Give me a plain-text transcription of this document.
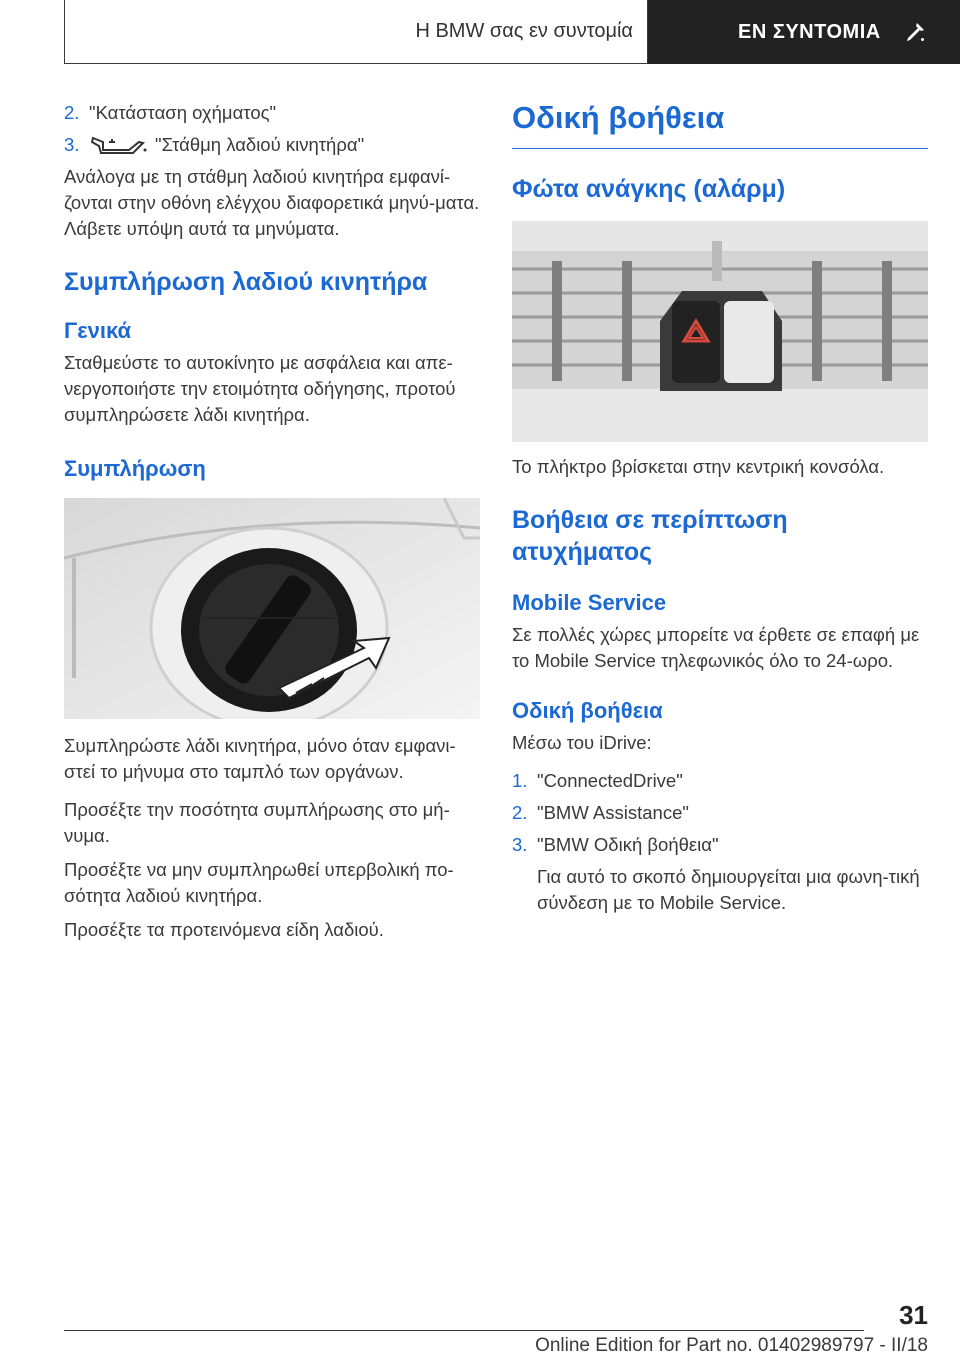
Η BMW σας εν συντομία	ΕΝ ΣΥΝΤΟΜΙΑ
2. "Κατάσταση οχήματος"
3.	"Στάθμη λαδιού κινητήρα"

Ανάλογα με τη στάθμη λαδιού κινητήρα εμφανί-ζονται στην οθόνη ελέγχου διαφορετικά μηνύ-ματα. Λάβετε υπόψη αυτά τα μηνύματα.

Συμπλήρωση λαδιού κινητήρα
Γενικά

Σταθμεύστε το αυτοκίνητο με ασφάλεια και απε-νεργοποιήστε την ετοιμότητα οδήγησης, προτού συμπληρώσετε λάδι κινητήρα.

Συμπλήρωση

Συμπληρώστε λάδι κινητήρα, μόνο όταν εμφανι-στεί το μήνυμα στο ταμπλό των οργάνων.

Προσέξτε την ποσότητα συμπλήρωσης στο μή-νυμα.

Προσέξτε να μην συμπληρωθεί υπερβολική πο-σότητα λαδιού κινητήρα.

Προσέξτε τα προτεινόμενα είδη λαδιού.

Οδική βοήθεια
Φώτα ανάγκης (αλάρμ)

Το πλήκτρο βρίσκεται στην κεντρική κονσόλα.

Βοήθεια σε περίπτωση ατυχήματος
Mobile Service

Σε πολλές χώρες μπορείτε να έρθετε σε επαφή με το Mobile Service τηλεφωνικός όλο το 24-ωρο.

Οδική βοήθεια

Μέσω του iDrive:

1. "ConnectedDrive"
2. "BMW Assistance"
3. "BMW Οδική βοήθεια"

Για αυτό το σκοπό δημιουργείται μια φωνη-τική σύνδεση με το Mobile Service.

31
Online Edition for Part no. 01402989797 - II/18
